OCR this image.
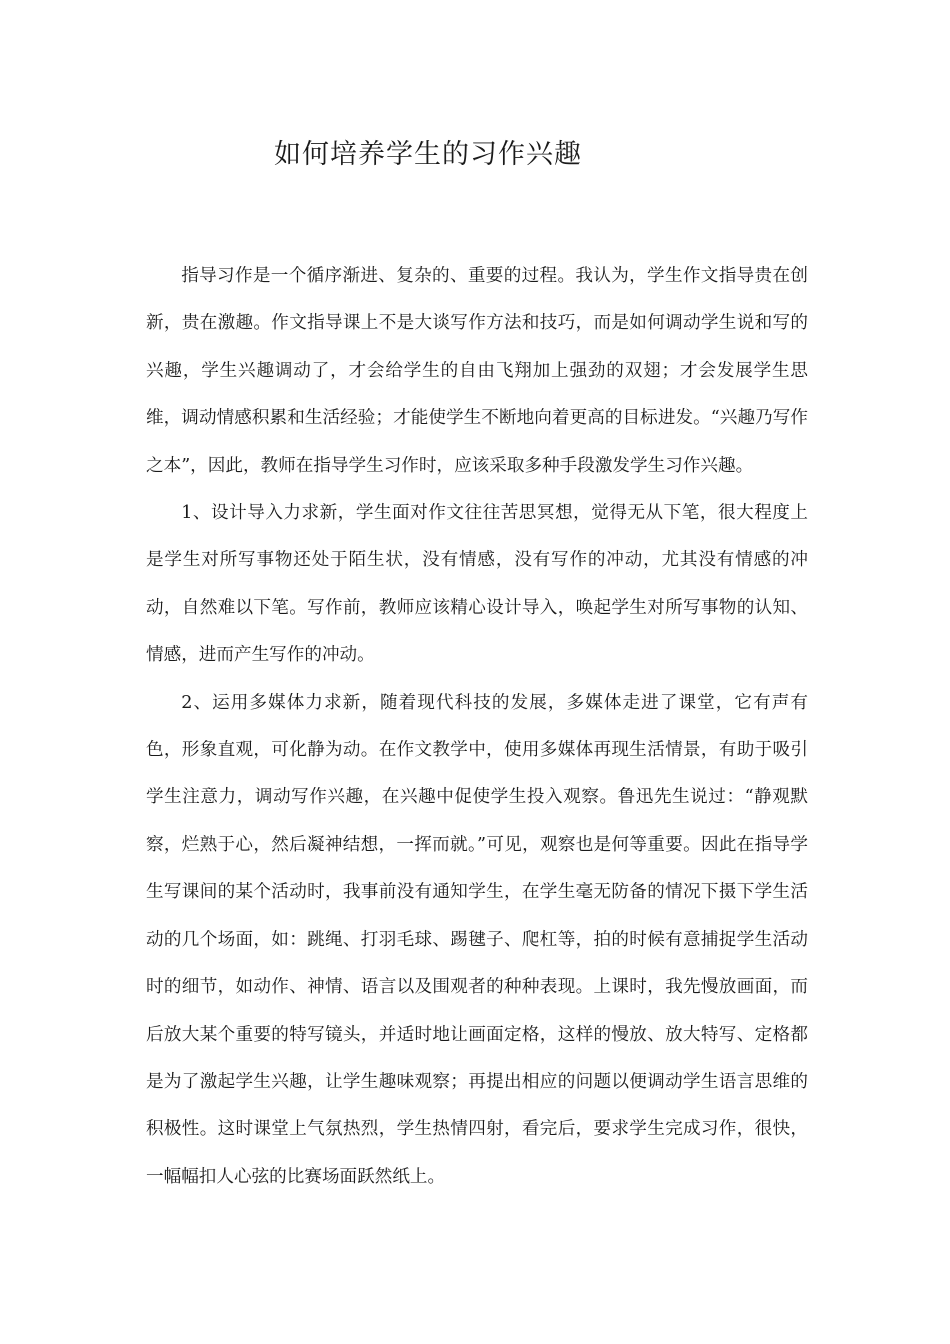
如何培养学生的习作兴趣

指导习作是一个循序渐进、复杂的、重要的过程。我认为，学生作文指导贵在创新，贵在激趣。作文指导课上不是大谈写作方法和技巧，而是如何调动学生说和写的兴趣，学生兴趣调动了，才会给学生的自由飞翔加上强劲的双翅；才会发展学生思维，调动情感积累和生活经验；才能使学生不断地向着更高的目标进发。“兴趣乃写作之本”，因此，教师在指导学生习作时，应该采取多种手段激发学生习作兴趣。

1、设计导入力求新，学生面对作文往往苦思冥想，觉得无从下笔，很大程度上是学生对所写事物还处于陌生状，没有情感，没有写作的冲动，尤其没有情感的冲动，自然难以下笔。写作前，教师应该精心设计导入，唤起学生对所写事物的认知、情感，进而产生写作的冲动。

2、运用多媒体力求新，随着现代科技的发展，多媒体走进了课堂，它有声有色，形象直观，可化静为动。在作文教学中，使用多媒体再现生活情景，有助于吸引学生注意力，调动写作兴趣，在兴趣中促使学生投入观察。鲁迅先生说过：“静观默察，烂熟于心，然后凝神结想，一挥而就。”可见，观察也是何等重要。因此在指导学生写课间的某个活动时，我事前没有通知学生，在学生毫无防备的情况下摄下学生活动的几个场面，如：跳绳、打羽毛球、踢毽子、爬杠等，拍的时候有意捕捉学生活动时的细节，如动作、神情、语言以及围观者的种种表现。上课时，我先慢放画面，而后放大某个重要的特写镜头，并适时地让画面定格，这样的慢放、放大特写、定格都是为了激起学生兴趣，让学生趣味观察；再提出相应的问题以便调动学生语言思维的积极性。这时课堂上气氛热烈，学生热情四射，看完后，要求学生完成习作，很快，一幅幅扣人心弦的比赛场面跃然纸上。
